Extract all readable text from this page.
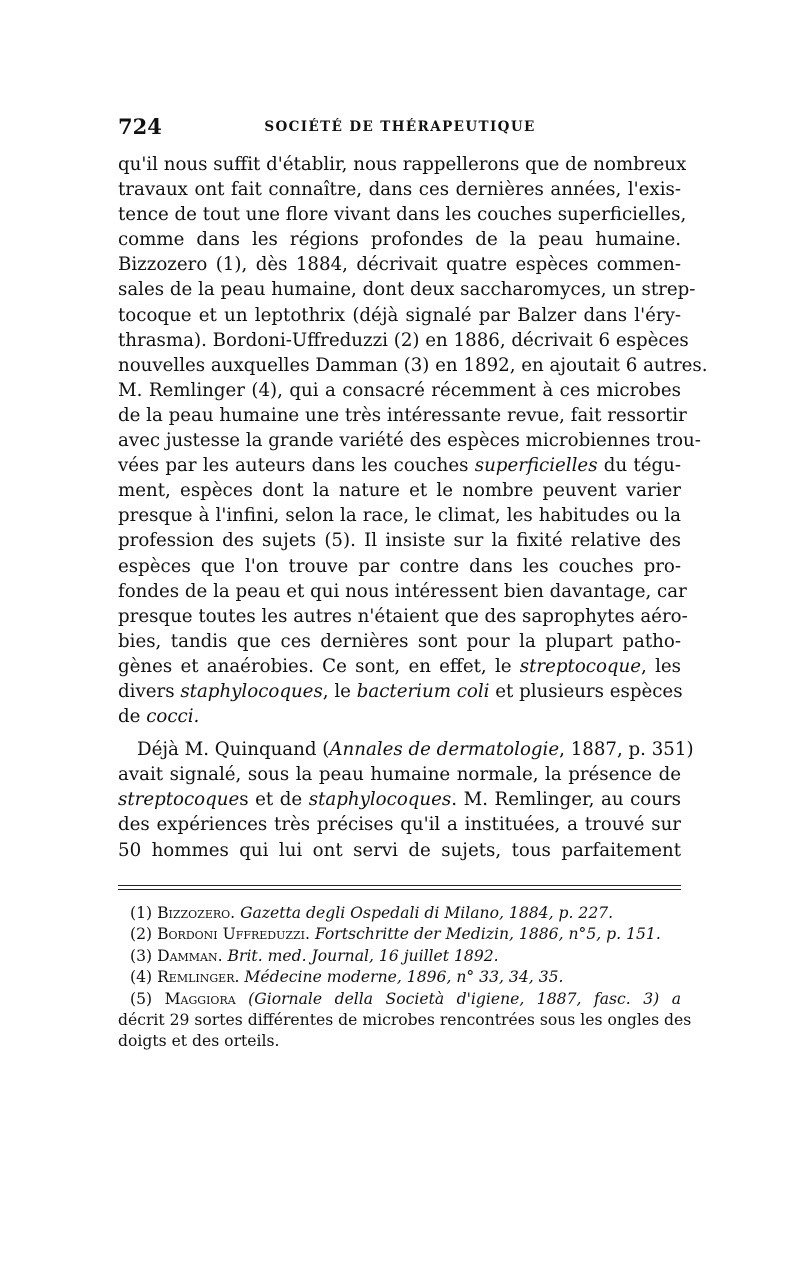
724	SOCIÉTÉ DE THÉRAPEUTIQUE

qu'il nous suffit d'établir, nous rappellerons que de nombreux
travaux ont fait connaître, dans ces dernières années, l'exis-
tence de tout une flore vivant dans les couches superficielles,
comme dans les régions profondes de la peau humaine.
Bizzozero (1), dès 1884, décrivait quatre espèces commen-
sales de la peau humaine, dont deux saccharomyces, un strep-
tocoque et un leptothrix (déjà signalé par Balzer dans l'éry-
thrasma). Bordoni-Uffreduzzi (2) en 1886, décrivait 6 espèces
nouvelles auxquelles Damman (3) en 1892, en ajoutait 6 autres.
M. Remlinger (4), qui a consacré récemment à ces microbes
de la peau humaine une très intéressante revue, fait ressortir
avec justesse la grande variété des espèces microbiennes trou-
vées par les auteurs dans les couches superficielles du tégu-
ment, espèces dont la nature et le nombre peuvent varier
presque à l'infini, selon la race, le climat, les habitudes ou la
profession des sujets (5). Il insiste sur la fixité relative des
espèces que l'on trouve par contre dans les couches pro-
fondes de la peau et qui nous intéressent bien davantage, car
presque toutes les autres n'étaient que des saprophytes aéro-
bies, tandis que ces dernières sont pour la plupart patho-
gènes et anaérobies. Ce sont, en effet, le streptocoque, les
divers staphylocoques, le bacterium coli et plusieurs espèces
de cocci.

Déjà M. Quinquand (Annales de dermatologie, 1887, p. 351)
avait signalé, sous la peau humaine normale, la présence de
streptocoques et de staphylocoques. M. Remlinger, au cours
des expériences très précises qu'il a instituées, a trouvé sur
50 hommes qui lui ont servi de sujets, tous parfaitement

(1) Bizzozero. Gazetta degli Ospedali di Milano, 1884, p. 227.
(2) Bordoni Uffreduzzi. Fortschritte der Medizin, 1886, n°5, p. 151.
(3) Damman. Brit. med. Journal, 16 juillet 1892.
(4) Remlinger. Médecine moderne, 1896, n° 33, 34, 35.
(5) Maggiora (Giornale della Società d'igiene, 1887, fasc. 3) a
décrit 29 sortes différentes de microbes rencontrées sous les ongles des
doigts et des orteils.
